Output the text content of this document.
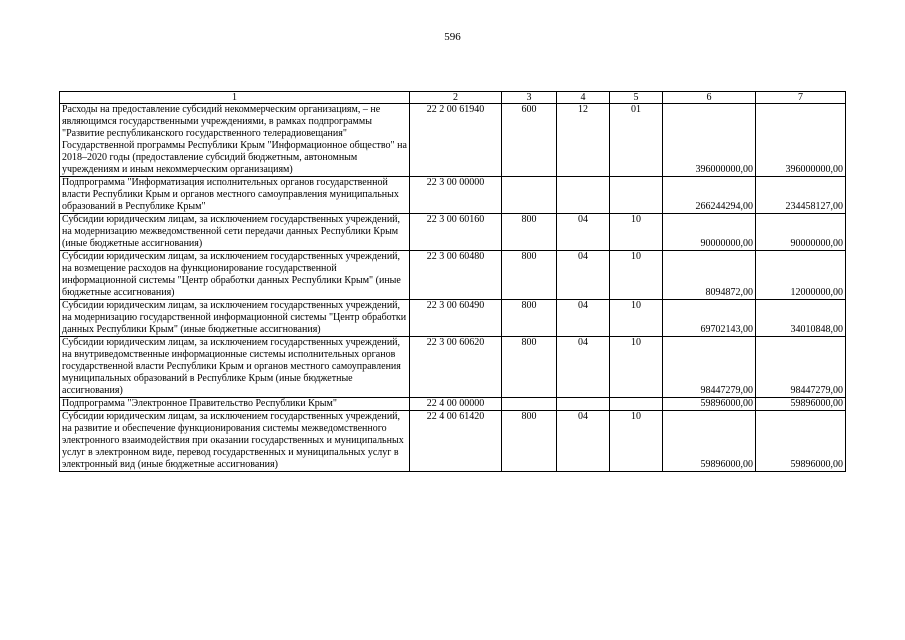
596
1	2	3	4	5	6	7
Расходы на предоставление субсидий некоммерческим организациям, – не являющимся государственными учреждениями, в рамках подпрограммы "Развитие республиканского государственного телерадиовещания" Государственной программы Республики Крым "Информационное общество" на 2018–2020 годы (предоставление субсидий бюджетным, автономным учреждениям и иным некоммерческим организациям)	22 2 00 61940	600	12	01	396000000,00	396000000,00
Подпрограмма "Информатизация исполнительных органов государственной власти Республики Крым и органов местного самоуправления муниципальных образований в Республике Крым"	22 3 00 00000				266244294,00	234458127,00
Субсидии юридическим лицам, за исключением государственных учреждений, на модернизацию межведомственной сети передачи данных Республики Крым (иные бюджетные ассигнования)	22 3 00 60160	800	04	10	90000000,00	90000000,00
Субсидии юридическим лицам, за исключением государственных учреждений, на возмещение расходов на функционирование государственной информационной системы "Центр обработки данных Республики Крым" (иные бюджетные ассигнования)	22 3 00 60480	800	04	10	8094872,00	12000000,00
Субсидии юридическим лицам, за исключением государственных учреждений, на модернизацию государственной информационной системы "Центр обработки данных Республики Крым" (иные бюджетные ассигнования)	22 3 00 60490	800	04	10	69702143,00	34010848,00
Субсидии юридическим лицам, за исключением государственных учреждений, на внутриведомственные информационные системы исполнительных органов государственной власти Республики Крым и органов местного самоуправления муниципальных образований в Республике Крым (иные бюджетные ассигнования)	22 3 00 60620	800	04	10	98447279,00	98447279,00
Подпрограмма "Электронное Правительство Республики Крым"	22 4 00 00000				59896000,00	59896000,00
Субсидии юридическим лицам, за исключением государственных учреждений, на развитие и обеспечение функционирования системы межведомственного электронного взаимодействия при оказании государственных и муниципальных услуг в электронном виде, перевод государственных и муниципальных услуг в электронный вид (иные бюджетные ассигнования)	22 4 00 61420	800	04	10	59896000,00	59896000,00
